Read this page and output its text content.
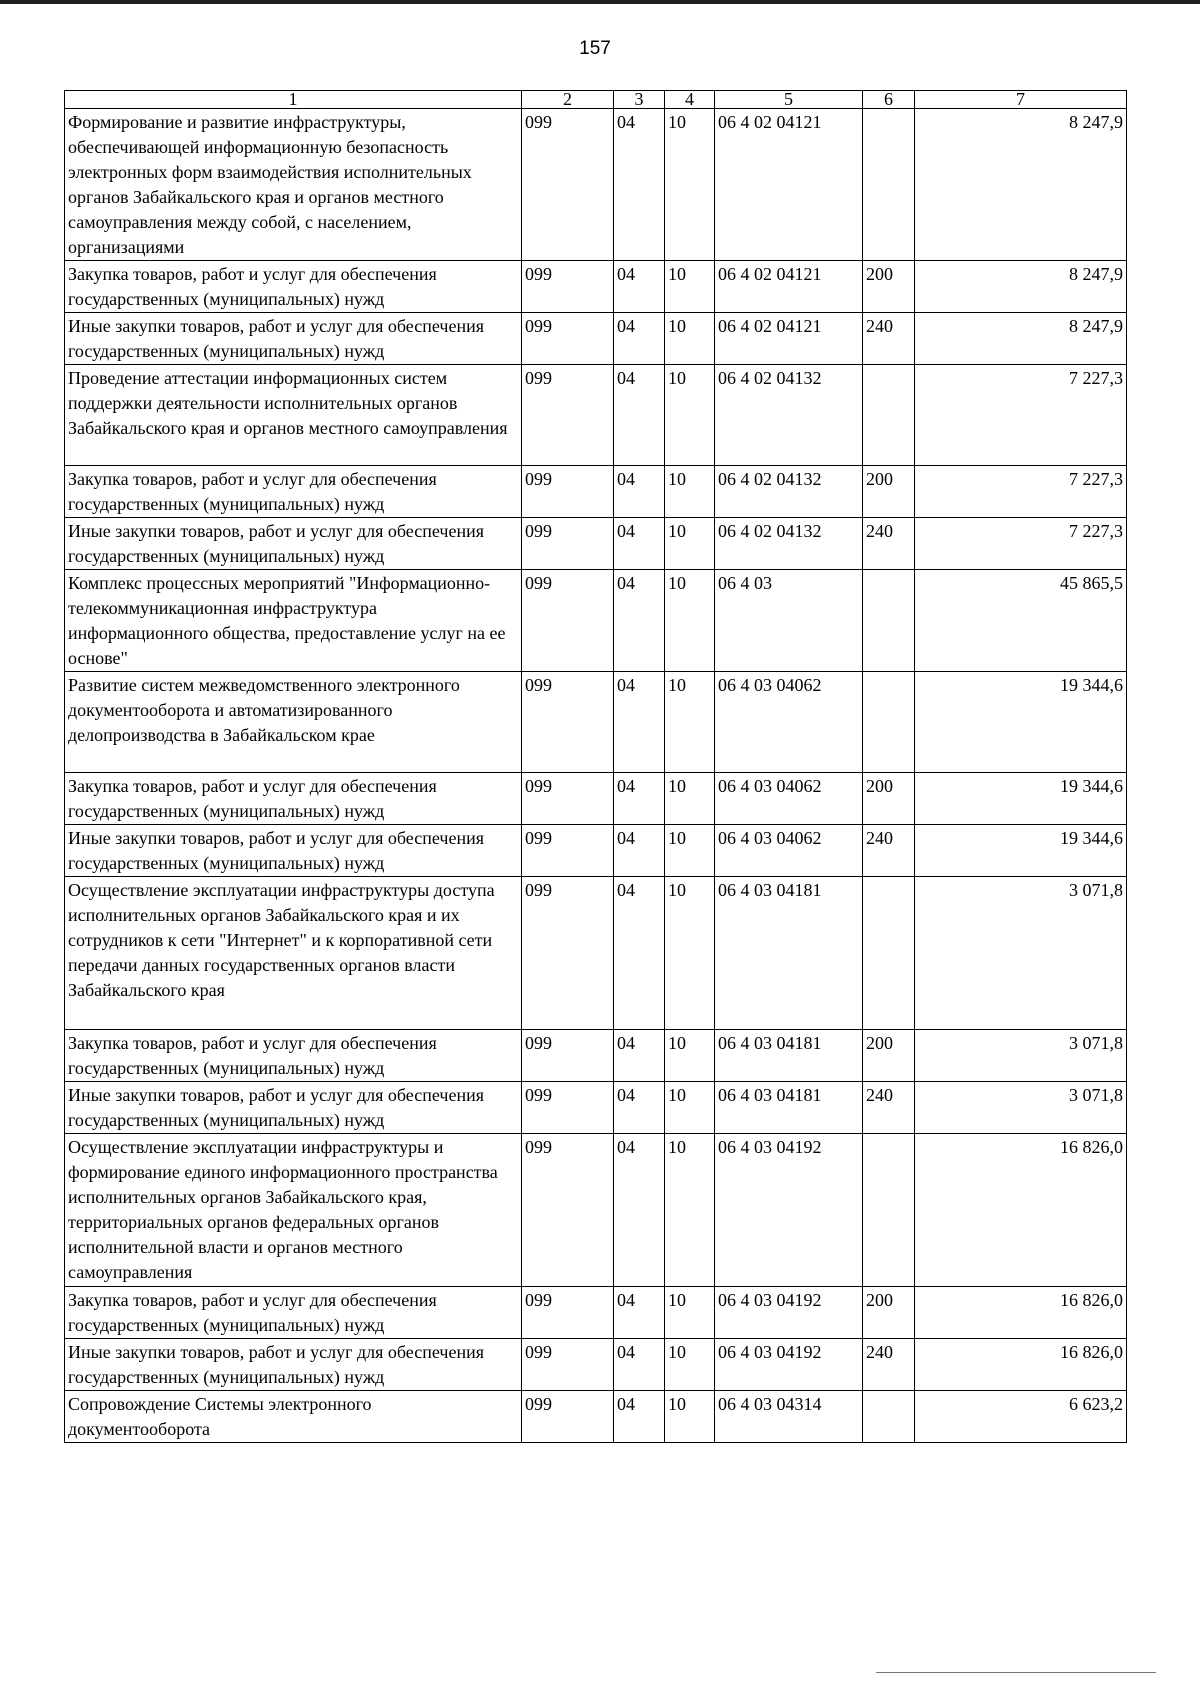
157
1	2	3	4	5	6	7
Формирование и развитие инфраструктуры, обеспечивающей информационную безопасность электронных форм взаимодействия исполнительных органов Забайкальского края и органов местного самоуправления между собой, с населением, организациями	099	04	10	06 4 02 04121		8 247,9
Закупка товаров, работ и услуг для обеспечения государственных (муниципальных) нужд	099	04	10	06 4 02 04121	200	8 247,9
Иные закупки товаров, работ и услуг для обеспечения государственных (муниципальных) нужд	099	04	10	06 4 02 04121	240	8 247,9
Проведение аттестации информационных систем поддержки деятельности исполнительных органов Забайкальского края и органов местного самоуправления	099	04	10	06 4 02 04132		7 227,3
Закупка товаров, работ и услуг для обеспечения государственных (муниципальных) нужд	099	04	10	06 4 02 04132	200	7 227,3
Иные закупки товаров, работ и услуг для обеспечения государственных (муниципальных) нужд	099	04	10	06 4 02 04132	240	7 227,3
Комплекс процессных мероприятий "Информационно-телекоммуникационная инфраструктура информационного общества, предоставление услуг на ее основе"	099	04	10	06 4 03		45 865,5
Развитие систем межведомственного электронного документооборота и автоматизированного делопроизводства в Забайкальском крае	099	04	10	06 4 03 04062		19 344,6
Закупка товаров, работ и услуг для обеспечения государственных (муниципальных) нужд	099	04	10	06 4 03 04062	200	19 344,6
Иные закупки товаров, работ и услуг для обеспечения государственных (муниципальных) нужд	099	04	10	06 4 03 04062	240	19 344,6
Осуществление эксплуатации инфраструктуры доступа исполнительных органов Забайкальского края и их сотрудников к сети "Интернет" и к корпоративной сети передачи данных государственных органов власти Забайкальского края	099	04	10	06 4 03 04181		3 071,8
Закупка товаров, работ и услуг для обеспечения государственных (муниципальных) нужд	099	04	10	06 4 03 04181	200	3 071,8
Иные закупки товаров, работ и услуг для обеспечения государственных (муниципальных) нужд	099	04	10	06 4 03 04181	240	3 071,8
Осуществление эксплуатации инфраструктуры и формирование единого информационного пространства исполнительных органов Забайкальского края, территориальных органов федеральных органов исполнительной власти и органов местного самоуправления	099	04	10	06 4 03 04192		16 826,0
Закупка товаров, работ и услуг для обеспечения государственных (муниципальных) нужд	099	04	10	06 4 03 04192	200	16 826,0
Иные закупки товаров, работ и услуг для обеспечения государственных (муниципальных) нужд	099	04	10	06 4 03 04192	240	16 826,0
Сопровождение Системы электронного документооборота	099	04	10	06 4 03 04314		6 623,2
